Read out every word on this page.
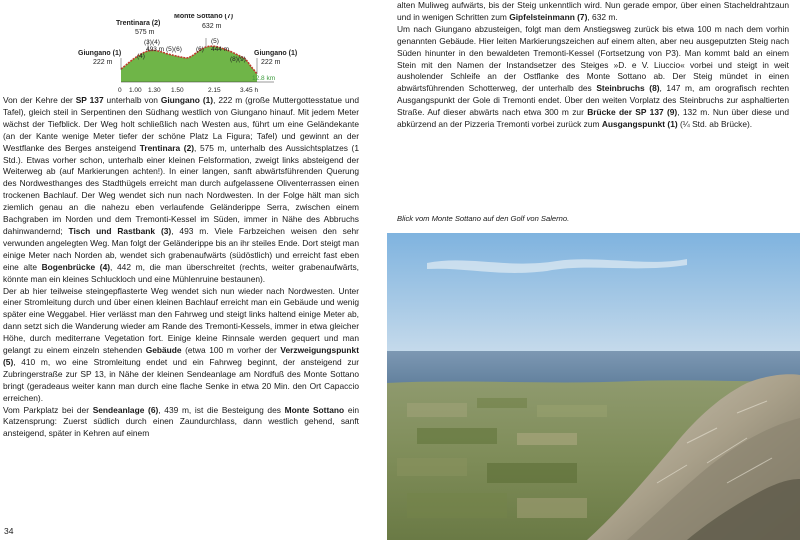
Trentinara (2)
575 m
Monte Sottano (7)
632 m
Giungano (1)
222 m
Giungano (1)
222 m
(3)(4)
493 m (5)(6) (6)
(5)
444 m
(8)(9)
(4)
12.8 km
0 1.00 1.30 1.50	2.15	3.45 h

Von der Kehre der SP 137 unterhalb von Giungano (1), 222 m (große Muttergottesstatue und Tafel), gleich steil in Serpentinen den Südhang westlich von Giungano hinauf. Mit jedem Meter wächst der Tiefblick. Der Weg holt schließlich nach Westen aus, führt um eine Geländekante (an der Kante wenige Meter tiefer der schöne Platz La Figura; Tafel) und gewinnt an der Westflanke des Berges ansteigend Trentinara (2), 575 m, unterhalb des Aussichtsplatzes (1 Std.). Etwas vorher schon, unterhalb einer kleinen Felsformation, zweigt links absteigend der Weiterweg ab (auf Markierungen achten!). In einer langen, sanft abwärtsführenden Querung des Nordwesthanges des Stadthügels erreicht man durch aufgelassene Oliventerrassen einen trockenen Bachlauf. Der Weg wendet sich nun nach Nordwesten. In der Folge hält man sich ziemlich genau an die nahezu eben verlaufende Geländerippe Serra, zwischen einem Bachgraben im Norden und dem Tremonti-Kessel im Süden, immer in Nähe des Abbruchs dahinwandernd; Tisch und Rastbank (3), 493 m. Viele Farbzeichen weisen den sehr verwunden angelegten Weg. Man folgt der Geländerippe bis an ihr steiles Ende. Dort steigt man einige Meter nach Norden ab, wendet sich grabenaufwärts (südöstlich) und erreicht fast eben eine alte Bogenbrücke (4), 442 m, die man überschreitet (rechts, weiter grabenaufwärts, könnte man ein kleines Schluckloch und eine Mühlenruine bestaunen).

Der ab hier teilweise steingepflasterte Weg wendet sich nun wieder nach Nordwesten. Unter einer Stromleitung durch und über einen kleinen Bachlauf erreicht man ein Gebäude und wenig später eine Weggabel. Hier verlässt man den Fahrweg und steigt links haltend einige Meter ab, dann setzt sich die Wanderung wieder am Rande des Tremonti-Kessels, immer in etwa gleicher Höhe, durch mediterrane Vegetation fort. Einige kleine Rinnsale werden gequert und man gelangt zu einem einzeln stehenden Gebäude (etwa 100 m vorher der Verzweigungspunkt (5), 410 m, wo eine Stromleitung endet und ein Fahrweg beginnt, der ansteigend zur Zubringerstraße zur SP 13, in Nähe der kleinen Sendeanlage am Nordfuß des Monte Sottano bringt (geradeaus weiter kann man durch eine flache Senke in etwa 20 Min. den Ort Capaccio erreichen).

Vom Parkplatz bei der Sendeanlage (6), 439 m, ist die Besteigung des Monte Sottano ein Katzensprung: Zuerst südlich durch einen Zaundurchlass, dann westlich gehend, sanft ansteigend, später in Kehren auf einem

alten Muliweg aufwärts, bis der Steig unkenntlich wird. Nun gerade empor, über einen Stacheldrahtzaun und in wenigen Schritten zum Gipfelsteinmann (7), 632 m.

Um nach Giungano abzusteigen, folgt man dem Anstiegsweg zurück bis etwa 100 m nach dem vorhin genannten Gebäude. Hier leiten Markierungszeichen auf einem alten, aber neu ausgeputzten Steig nach Süden hinunter in den bewaldeten Tremonti-Kessel (Fortsetzung von P3). Man kommt bald an einem Stein mit den Namen der Instandsetzer des Steiges »D. e V. Liuccio« vorbei und steigt in weit ausholender Schleife an der Ostflanke des Monte Sottano ab. Der Steig mündet in einen abwärtsführenden Schotterweg, der unterhalb des Steinbruchs (8), 147 m, am orografisch rechten Ausgangspunkt der Gole di Tremonti endet. Über den weiten Vorplatz des Steinbruchs zur asphaltierten Straße. Auf dieser abwärts nach etwa 300 m zur Brücke der SP 137 (9), 132 m. Nun über diese und abkürzend an der Pizzeria Tremonti vorbei zurück zum Ausgangspunkt (1) (¼ Std. ab Brücke).

Blick vom Monte Sottano auf den Golf von Salerno.
34
